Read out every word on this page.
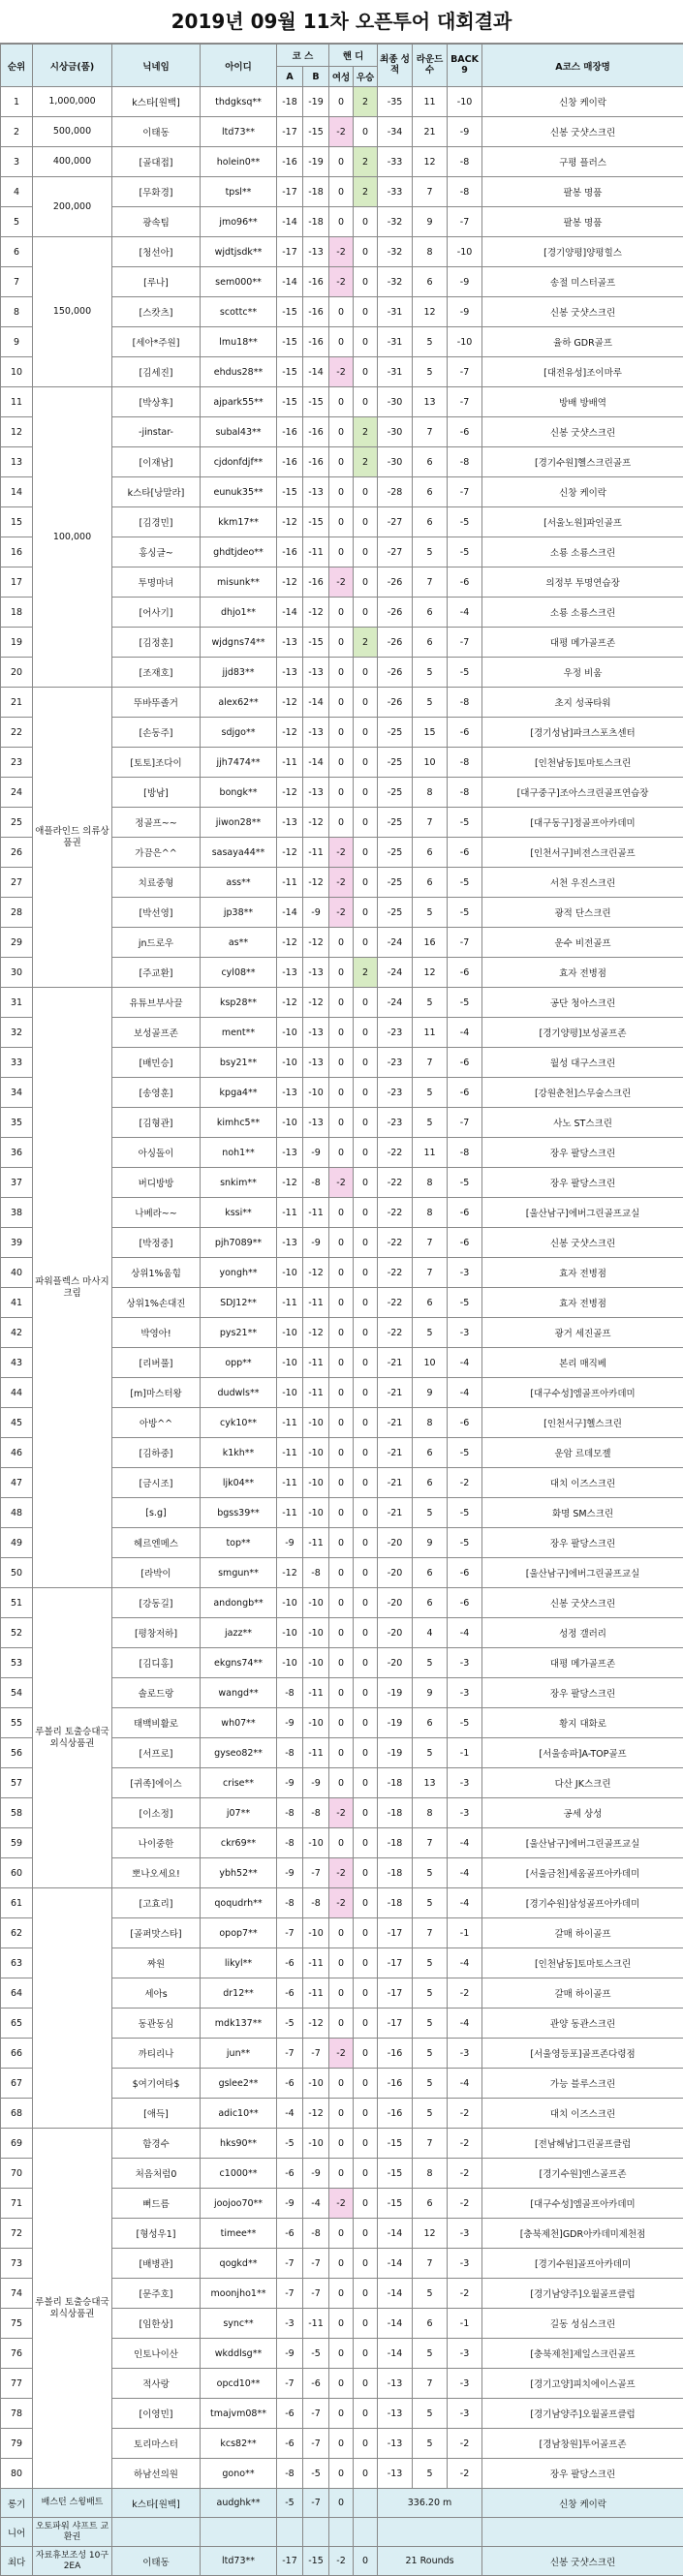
2019년 09월 11차 오픈투어 대회결과
순위	시상금(품)	닉네임	아이디	코 스		핸 디		최종 성적	라운드 수	BACK 9	A코스 매장명
				A	B	여성	우승				
1	1,000,000	k스타[원백]	thdgksq**	-18	-19	0	2	-35	11	-10	신창 케이락
2	500,000	이태동	ltd73**	-17	-15	-2	0	-34	21	-9	신봉 굿샷스크린
3	400,000	[골대접]	holein0**	-16	-19	0	2	-33	12	-8	구평 플러스
4	200,000	[무화경]	tpsl**	-17	-18	0	2	-33	7	-8	팔봉 명품
5		광속팀	jmo96**	-14	-18	0	0	-32	9	-7	팔봉 명품
6	150,000	[청선아]	wjdtjsdk**	-17	-13	-2	0	-32	8	-10	[경기양평]양평힐스
7		[루나]	sem000**	-14	-16	-2	0	-32	6	-9	송절 미스터골프
8		[스캇츠]	scottc**	-15	-16	0	0	-31	12	-9	신봉 굿샷스크린
9		[세아*주원]	lmu18**	-15	-16	0	0	-31	5	-10	율하 GDR골프
10		[김세진]	ehdus28**	-15	-14	-2	0	-31	5	-7	[대전유성]조이마루
11	100,000	[박상후]	ajpark55**	-15	-15	0	0	-30	13	-7	방배 방배역
12		-jinstar-	subal43**	-16	-16	0	2	-30	7	-6	신봉 굿샷스크린
13		[이재남]	cjdonfdjf**	-16	-16	0	2	-30	6	-8	[경기수원]헬스크린골프
14		k스타[낭말라]	eunuk35**	-15	-13	0	0	-28	6	-7	신창 케이락
15		[김경민]	kkm17**	-12	-15	0	0	-27	6	-5	[서울노원]파인골프
16		홍싱글~	ghdtjdeo**	-16	-11	0	0	-27	5	-5	소룡 소룡스크린
17		투명마녀	misunk**	-12	-16	-2	0	-26	7	-6	의정부 투명연습장
18		[어사기]	dhjo1**	-14	-12	0	0	-26	6	-4	소룡 소룡스크린
19		[김정훈]	wjdgns74**	-13	-15	0	2	-26	6	-7	대평 메가골프존
20		[조재호]	jjd83**	-13	-13	0	0	-26	5	-5	우정 비움
21	애플라인드 의류상품권	뚜바뚜졸거	alex62**	-12	-14	0	0	-26	5	-8	초지 성곡타워
22		[손동주]	sdjgo**	-12	-13	0	0	-25	15	-6	[경기성남]파크스포츠센터
23		[토토]조다이	jjh7474**	-11	-14	0	0	-25	10	-8	[인천남동]토마토스크린
24		[방남]	bongk**	-12	-13	0	0	-25	8	-8	[대구중구]조아스크린골프연습장
25		정골프~~	jiwon28**	-13	-12	0	0	-25	7	-5	[대구동구]정골프아카데미
26		가끔은^^	sasaya44**	-12	-11	-2	0	-25	6	-6	[인천서구]비전스크린골프
27		치료중형	ass**	-11	-12	-2	0	-25	6	-5	서천 우진스크린
28		[박선영]	jp38**	-14	-9	-2	0	-25	5	-5	광적 단스크린
29		jn드로우	as**	-12	-12	0	0	-24	16	-7	운수 비전골프
30		[주교환]	cyl08**	-13	-13	0	2	-24	12	-6	효자 전병점
31	파워플렉스 마사지크림	유튜브부사끌	ksp28**	-12	-12	0	0	-24	5	-5	공단 청아스크린
32		보성골프존	ment**	-10	-13	0	0	-23	11	-4	[경기양평]보성골프존
33		[배민승]	bsy21**	-10	-13	0	0	-23	7	-6	월성 대구스크린
34		[송영훈]	kpga4**	-13	-10	0	0	-23	5	-6	[강원춘천]스무술스크린
35		[김형관]	kimhc5**	-10	-13	0	0	-23	5	-7	사노 ST스크린
36		아싱돌이	noh1**	-13	-9	0	0	-22	11	-8	장우 팔당스크린
37		버디방방	snkim**	-12	-8	-2	0	-22	8	-5	장우 팔당스크린
38		나베라~~	kssi**	-11	-11	0	0	-22	8	-6	[울산남구]에버그린골프교실
39		[박정중]	pjh7089**	-13	-9	0	0	-22	7	-6	신봉 굿샷스크린
40		상위1%움힘	yongh**	-10	-12	0	0	-22	7	-3	효자 전병점
41		상위1%손대진	SDJ12**	-11	-11	0	0	-22	6	-5	효자 전병점
42		박영아!	pys21**	-10	-12	0	0	-22	5	-3	광거 세진골프
43		[리버풀]	opp**	-10	-11	0	0	-21	10	-4	본리 매직베
44		[m]마스터왕	dudwls**	-10	-11	0	0	-21	9	-4	[대구수성]엠골프아카데미
45		아방^^	cyk10**	-11	-10	0	0	-21	8	-6	[인천서구]헬스크린
46		[김하중]	k1kh**	-11	-10	0	0	-21	6	-5	운암 르데모젤
47		[금시조]	ljk04**	-11	-10	0	0	-21	6	-2	대치 이즈스크린
48		[s.g]	bgss39**	-11	-10	0	0	-21	5	-5	화명 SM스크린
49		헤르엔메스	top**	-9	-11	0	0	-20	9	-5	장우 팔당스크린
50		[라박이	smgun**	-12	-8	0	0	-20	6	-6	[울산남구]에버그린골프교실
51	루볼리 토출승대국 외식상품권	[강동길]	andongb**	-10	-10	0	0	-20	6	-6	신봉 굿샷스크린
52		[평창저하]	jazz**	-10	-10	0	0	-20	4	-4	성정 갤러리
53		[김디홍]	ekgns74**	-10	-10	0	0	-20	5	-3	대평 메가골프존
54		솔로드랑	wangd**	-8	-11	0	0	-19	9	-3	장우 팔당스크린
55		태백비활로	wh07**	-9	-10	0	0	-19	6	-5	황지 대화로
56		[서프로]	gyseo82**	-8	-11	0	0	-19	5	-1	[서울송파]A-TOP골프
57		[귀족]에이스	crise**	-9	-9	0	0	-18	13	-3	다산 JK스크린
58		[이소정]	j07**	-8	-8	-2	0	-18	8	-3	공세 상성
59		나이중한	ckr69**	-8	-10	0	0	-18	7	-4	[울산남구]에버그린골프교실
60		뽀나오세요!	ybh52**	-9	-7	-2	0	-18	5	-4	[서울금천]세움골프아카데미
61		[고효리]	qoqudrh**	-8	-8	-2	0	-18	5	-4	[경기수원]삼성골프아카데미
62		[골퍼맛스타]	opop7**	-7	-10	0	0	-17	7	-1	갈매 하이골프
63		짜원	likyl**	-6	-11	0	0	-17	5	-4	[인천남동]토마토스크린
64		세아s	dr12**	-6	-11	0	0	-17	5	-2	갈매 하이골프
65		동관동심	mdk137**	-5	-12	0	0	-17	5	-4	관양 동관스크린
66		까티리나	jun**	-7	-7	-2	0	-16	5	-3	[서울영등포]골프존다령점
67		$여기여타$	gslee2**	-6	-10	0	0	-16	5	-4	가능 블루스크린
68		[애득]	adic10**	-4	-12	0	0	-16	5	-2	대치 이즈스크린
69	루볼리 토출승대국 외식상품권	함경수	hks90**	-5	-10	0	0	-15	7	-2	[전남해남]그린골프클럽
70		처음처럼0	c1000**	-6	-9	0	0	-15	8	-2	[경기수원]엔스골프존
71		뻐드름	joojoo70**	-9	-4	-2	0	-15	6	-2	[대구수성]엠골프아카데미
72		[형성우1]	timee**	-6	-8	0	0	-14	12	-3	[충북제천]GDR아카데미제천점
73		[배병관]	qogkd**	-7	-7	0	0	-14	7	-3	[경기수원]골프아카데미
74		[문주호]	moonjho1**	-7	-7	0	0	-14	5	-2	[경기남양주]오월골프클럽
75		[임한상]	sync**	-3	-11	0	0	-14	6	-1	길동 성심스크린
76		인토나이산	wkddlsg**	-9	-5	0	0	-14	5	-3	[충북제천]제일스크린골프
77		적사랑	opcd10**	-7	-6	0	0	-13	7	-3	[경기고양]피치에이스골프
78		[이영민]	tmajvm08**	-6	-7	0	0	-13	5	-3	[경기남양주]오월골프클럽
79		토리마스터	kcs82**	-6	-7	0	0	-13	5	-2	[경남창원]투어골프존
80		하남선의원	gono**	-8	-5	0	0	-13	5	-2	장우 팔당스크린
롱기	배스턴 스윙배트	k스타[원백]	audghk**	-5	-7	0		336.20 m			신창 케이락
니어	오토파워 샤프트 교환권										
최다	자료휴보조성 10구 2EA	이태동	ltd73**	-17	-15	-2	0	21 Rounds			신봉 굿샷스크린
